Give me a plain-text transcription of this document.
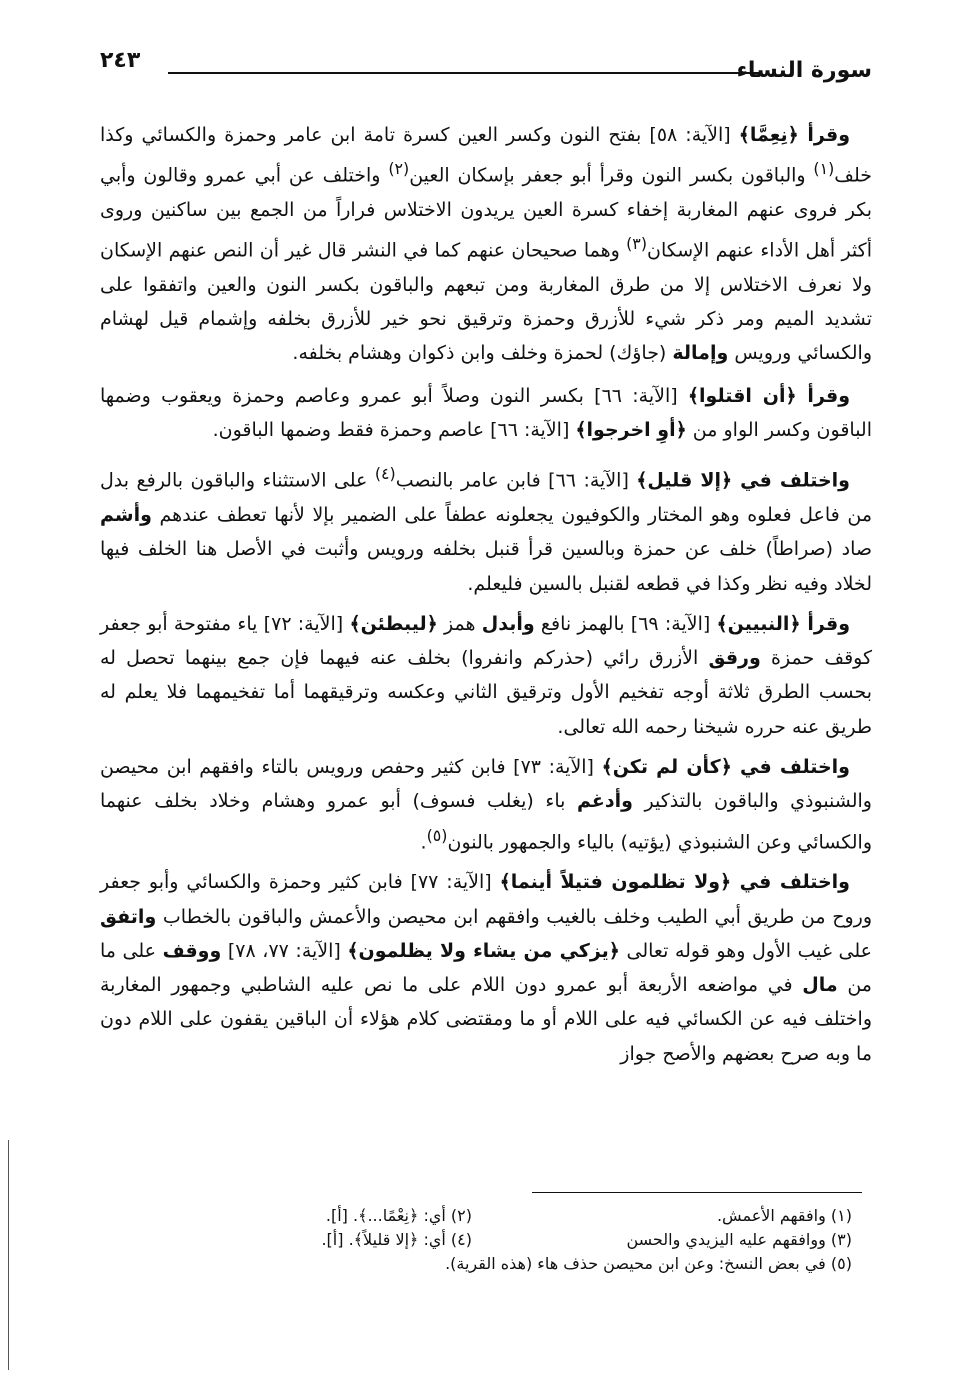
سورة النساء
٢٤٣

وقرأ ﴿نِعِمَّا﴾ [الآية: ٥٨] بفتح النون وكسر العين كسرة تامة ابن عامر وحمزة والكسائي وكذا خلف$^{(١)}$ والباقون بكسر النون وقرأ أبو جعفر بإسكان العين$^{(٢)}$ واختلف عن أبي عمرو وقالون وأبي بكر فروى عنهم المغاربة إخفاء كسرة العين يريدون الاختلاس فراراً من الجمع بين ساكنين وروى أكثر أهل الأداء عنهم الإسكان$^{(٣)}$ وهما صحيحان عنهم كما في النشر قال غير أن النص عنهم الإسكان ولا نعرف الاختلاس إلا من طرق المغاربة ومن تبعهم والباقون بكسر النون والعين واتفقوا على تشديد الميم ومر ذكر شيء للأزرق وحمزة وترقيق نحو خير للأزرق بخلفه وإشمام قيل لهشام والكسائي ورويس وإمالة (جاؤك) لحمزة وخلف وابن ذكوان وهشام بخلفه.

وقرأ ﴿أن اقتلوا﴾ [الآية: ٦٦] بكسر النون وصلاً أبو عمرو وعاصم وحمزة ويعقوب وضمها الباقون وكسر الواو من ﴿أوِ اخرجوا﴾ [الآية: ٦٦] عاصم وحمزة فقط وضمها الباقون.

واختلف في ﴿إلا قليل﴾ [الآية: ٦٦] فابن عامر بالنصب$^{(٤)}$ على الاستثناء والباقون بالرفع بدل من فاعل فعلوه وهو المختار والكوفيون يجعلونه عطفاً على الضمير بإلا لأنها تعطف عندهم وأشم صاد (صراطاً) خلف عن حمزة وبالسين قرأ قنبل بخلفه ورويس وأثبت في الأصل هنا الخلف فيها لخلاد وفيه نظر وكذا في قطعه لقنبل بالسين فليعلم.

وقرأ ﴿النبيين﴾ [الآية: ٦٩] بالهمز نافع وأبدل همز ﴿ليبطئن﴾ [الآية: ٧٢] ياء مفتوحة أبو جعفر كوقف حمزة ورقق الأزرق رائي (حذركم وانفروا) بخلف عنه فيهما فإن جمع بينهما تحصل له بحسب الطرق ثلاثة أوجه تفخيم الأول وترقيق الثاني وعكسه وترقيقهما أما تفخيمهما فلا يعلم له طريق عنه حرره شيخنا رحمه الله تعالى.

واختلف في ﴿كأن لم تكن﴾ [الآية: ٧٣] فابن كثير وحفص ورويس بالتاء وافقهم ابن محيصن والشنبوذي والباقون بالتذكير وأدغم باء (يغلب فسوف) أبو عمرو وهشام وخلاد بخلف عنهما والكسائي وعن الشنبوذي (يؤتيه) بالياء والجمهور بالنون$^{(٥)}$.

واختلف في ﴿ولا تظلمون فتيلاً أينما﴾ [الآية: ٧٧] فابن كثير وحمزة والكسائي وأبو جعفر وروح من طريق أبي الطيب وخلف بالغيب وافقهم ابن محيصن والأعمش والباقون بالخطاب واتفق على غيب الأول وهو قوله تعالى ﴿يزكي من يشاء ولا يظلمون﴾ [الآية: ٧٧، ٧٨] ووقف على ما من مال في مواضعه الأربعة أبو عمرو دون اللام على ما نص عليه الشاطبي وجمهور المغاربة واختلف فيه عن الكسائي فيه على اللام أو ما ومقتضى كلام هؤلاء أن الباقين يقفون على اللام دون ما وبه صرح بعضهم والأصح جواز

(١) وافقهم الأعمش.
(٢) أي: ﴿نِعْمًا...﴾. [أ].
(٣) ووافقهم عليه اليزيدي والحسن
(٤) أي: ﴿إلا قليلاً﴾. [أ].
(٥) في بعض النسخ: وعن ابن محيصن حذف هاء (هذه القرية).
